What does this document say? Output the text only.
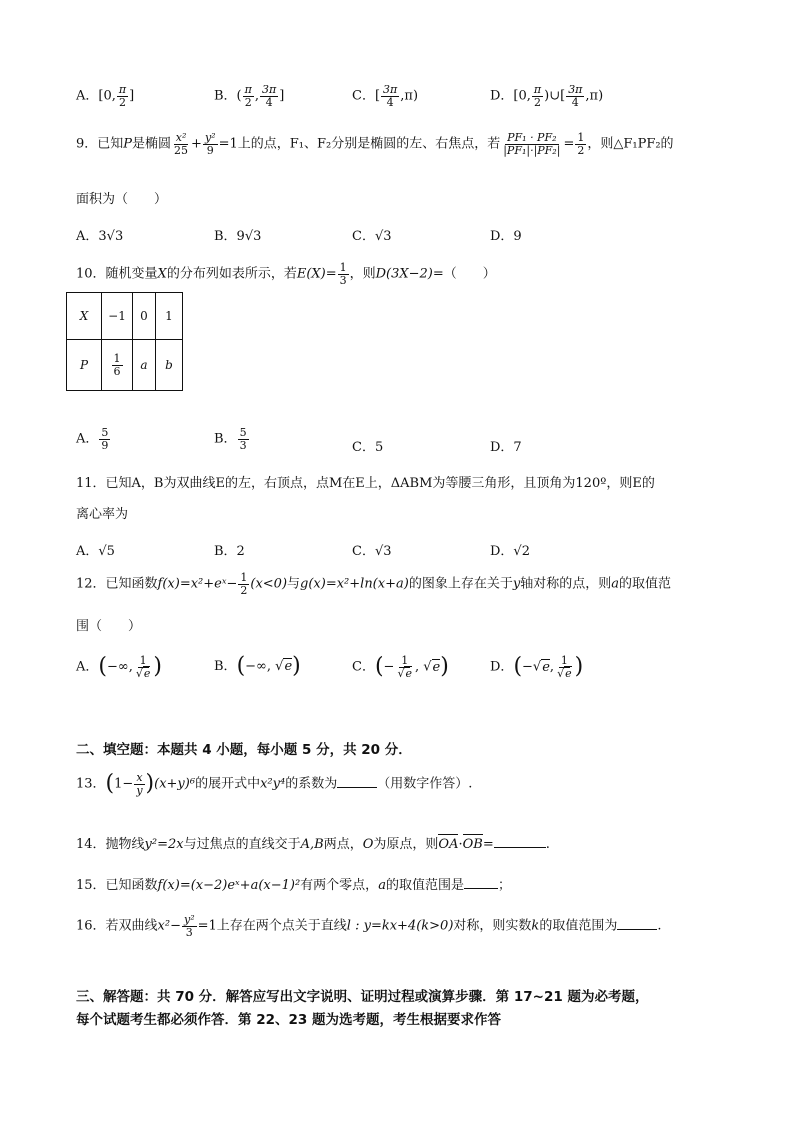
A．[0, $\frac{\pi}{2}$ ]	B．( $\frac{\pi}{2}$ , $\frac{3\pi}{4}$ ]	C．[ $\frac{3\pi}{4} ,\pi$)	D．[0, $\frac{\pi}{2}$ )∪[ $\frac{3\pi}{4} ,\pi$)
9．已知P是椭圆 $\frac{\text{x²}}{25} + \frac{\text{y²}}{9} =1$上的点，F₁、F₂分别是椭圆的左、右焦点，若 $\frac{\text{PF₁ · PF₂}}{\text{|PF₁|·|PF₂|}} = \frac{1}{2}$ ，则△F₁PF₂的
面积为（　　）
A．3√3	B．9√3	C．√3	D．9
10．随机变量X的分布列如表所示，若$E(X)= \frac{1}{3}$ ，则D(3X−2)=（　　）
X	−1	0	1
P	$\frac{1}{6}$	a	b
A． $\frac{5}{9}$	B． $\frac{5}{3}$	C．5	D．7
11．已知A，B为双曲线E的左，右顶点，点M在E上，ΔABM为等腰三角形，且顶角为120º，则E的
离心率为
A．√5	B．2	C．√3	D．√2
12．已知函数f(x)=x²+eˣ− $\frac{1}{2} (x<0)$与g(x)=x²+ln(x+a)的图象上存在关于y轴对称的点，则a的取值范
围（　　）
A．(−∞, $\frac{1}{√e}$ )	B．(−∞, √e)	C．(− $\frac{1}{√e}$ , √e)	D．(−√e, $\frac{1}{√e}$ )
二、填空题：本题共 4 小题，每小题 5 分，共 20 分．
13．$(1- \frac{x}{y} )(x+y)^6$的展开式中x²y⁴的系数为	（用数字作答）.
14．抛物线y²=2x与过焦点的直线交于A,B两点，O为原点，则OA·OB=	.
15．已知函数f(x)=(x−2)eˣ+a(x−1)²有两个零点，a的取值范围是	；
16．若双曲线$x^2- \frac{\text{y²}}{3} =1$上存在两个点关于直线l : y=kx+4(k>0)对称，则实数k的取值范围为	.
三、解答题：共 70 分．解答应写出文字说明、证明过程或演算步骤．第 17~21 题为必考题，
每个试题考生都必须作答．第 22、23 题为选考题，考生根据要求作答
